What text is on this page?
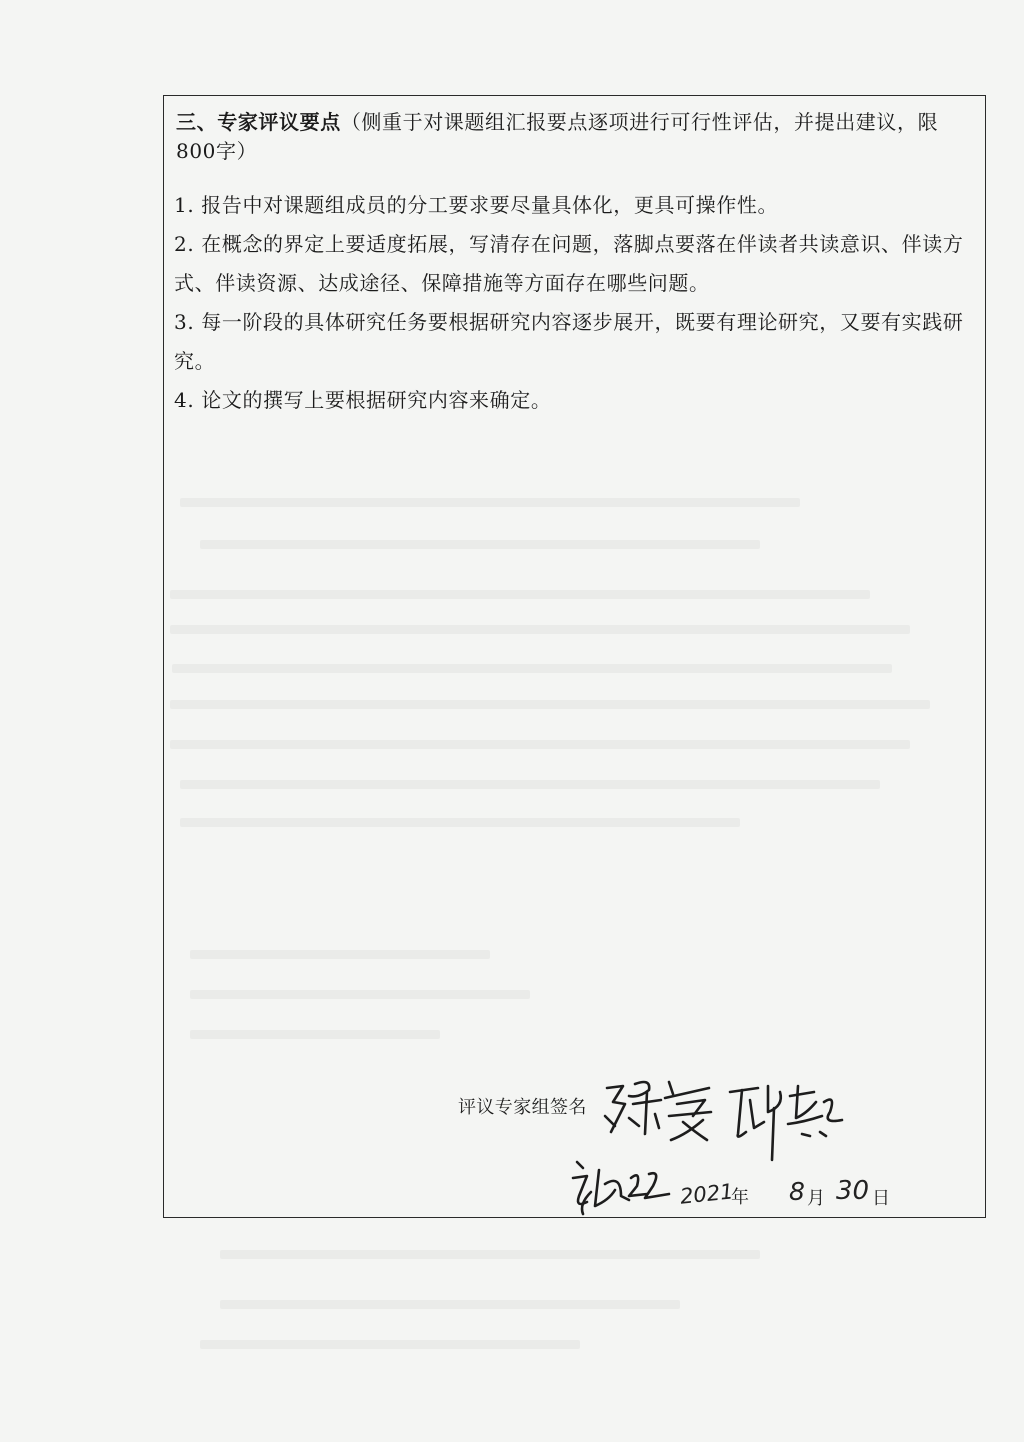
三、专家评议要点（侧重于对课题组汇报要点逐项进行可行性评估，并提出建议，限800字）
1. 报告中对课题组成员的分工要求要尽量具体化，更具可操作性。
2. 在概念的界定上要适度拓展，写清存在问题，落脚点要落在伴读者共读意识、伴读方式、伴读资源、达成途径、保障措施等方面存在哪些问题。
3. 每一阶段的具体研究任务要根据研究内容逐步展开，既要有理论研究，又要有实践研究。
4. 论文的撰写上要根据研究内容来确定。
评议专家组签名
2021
年 8 月 30 日
